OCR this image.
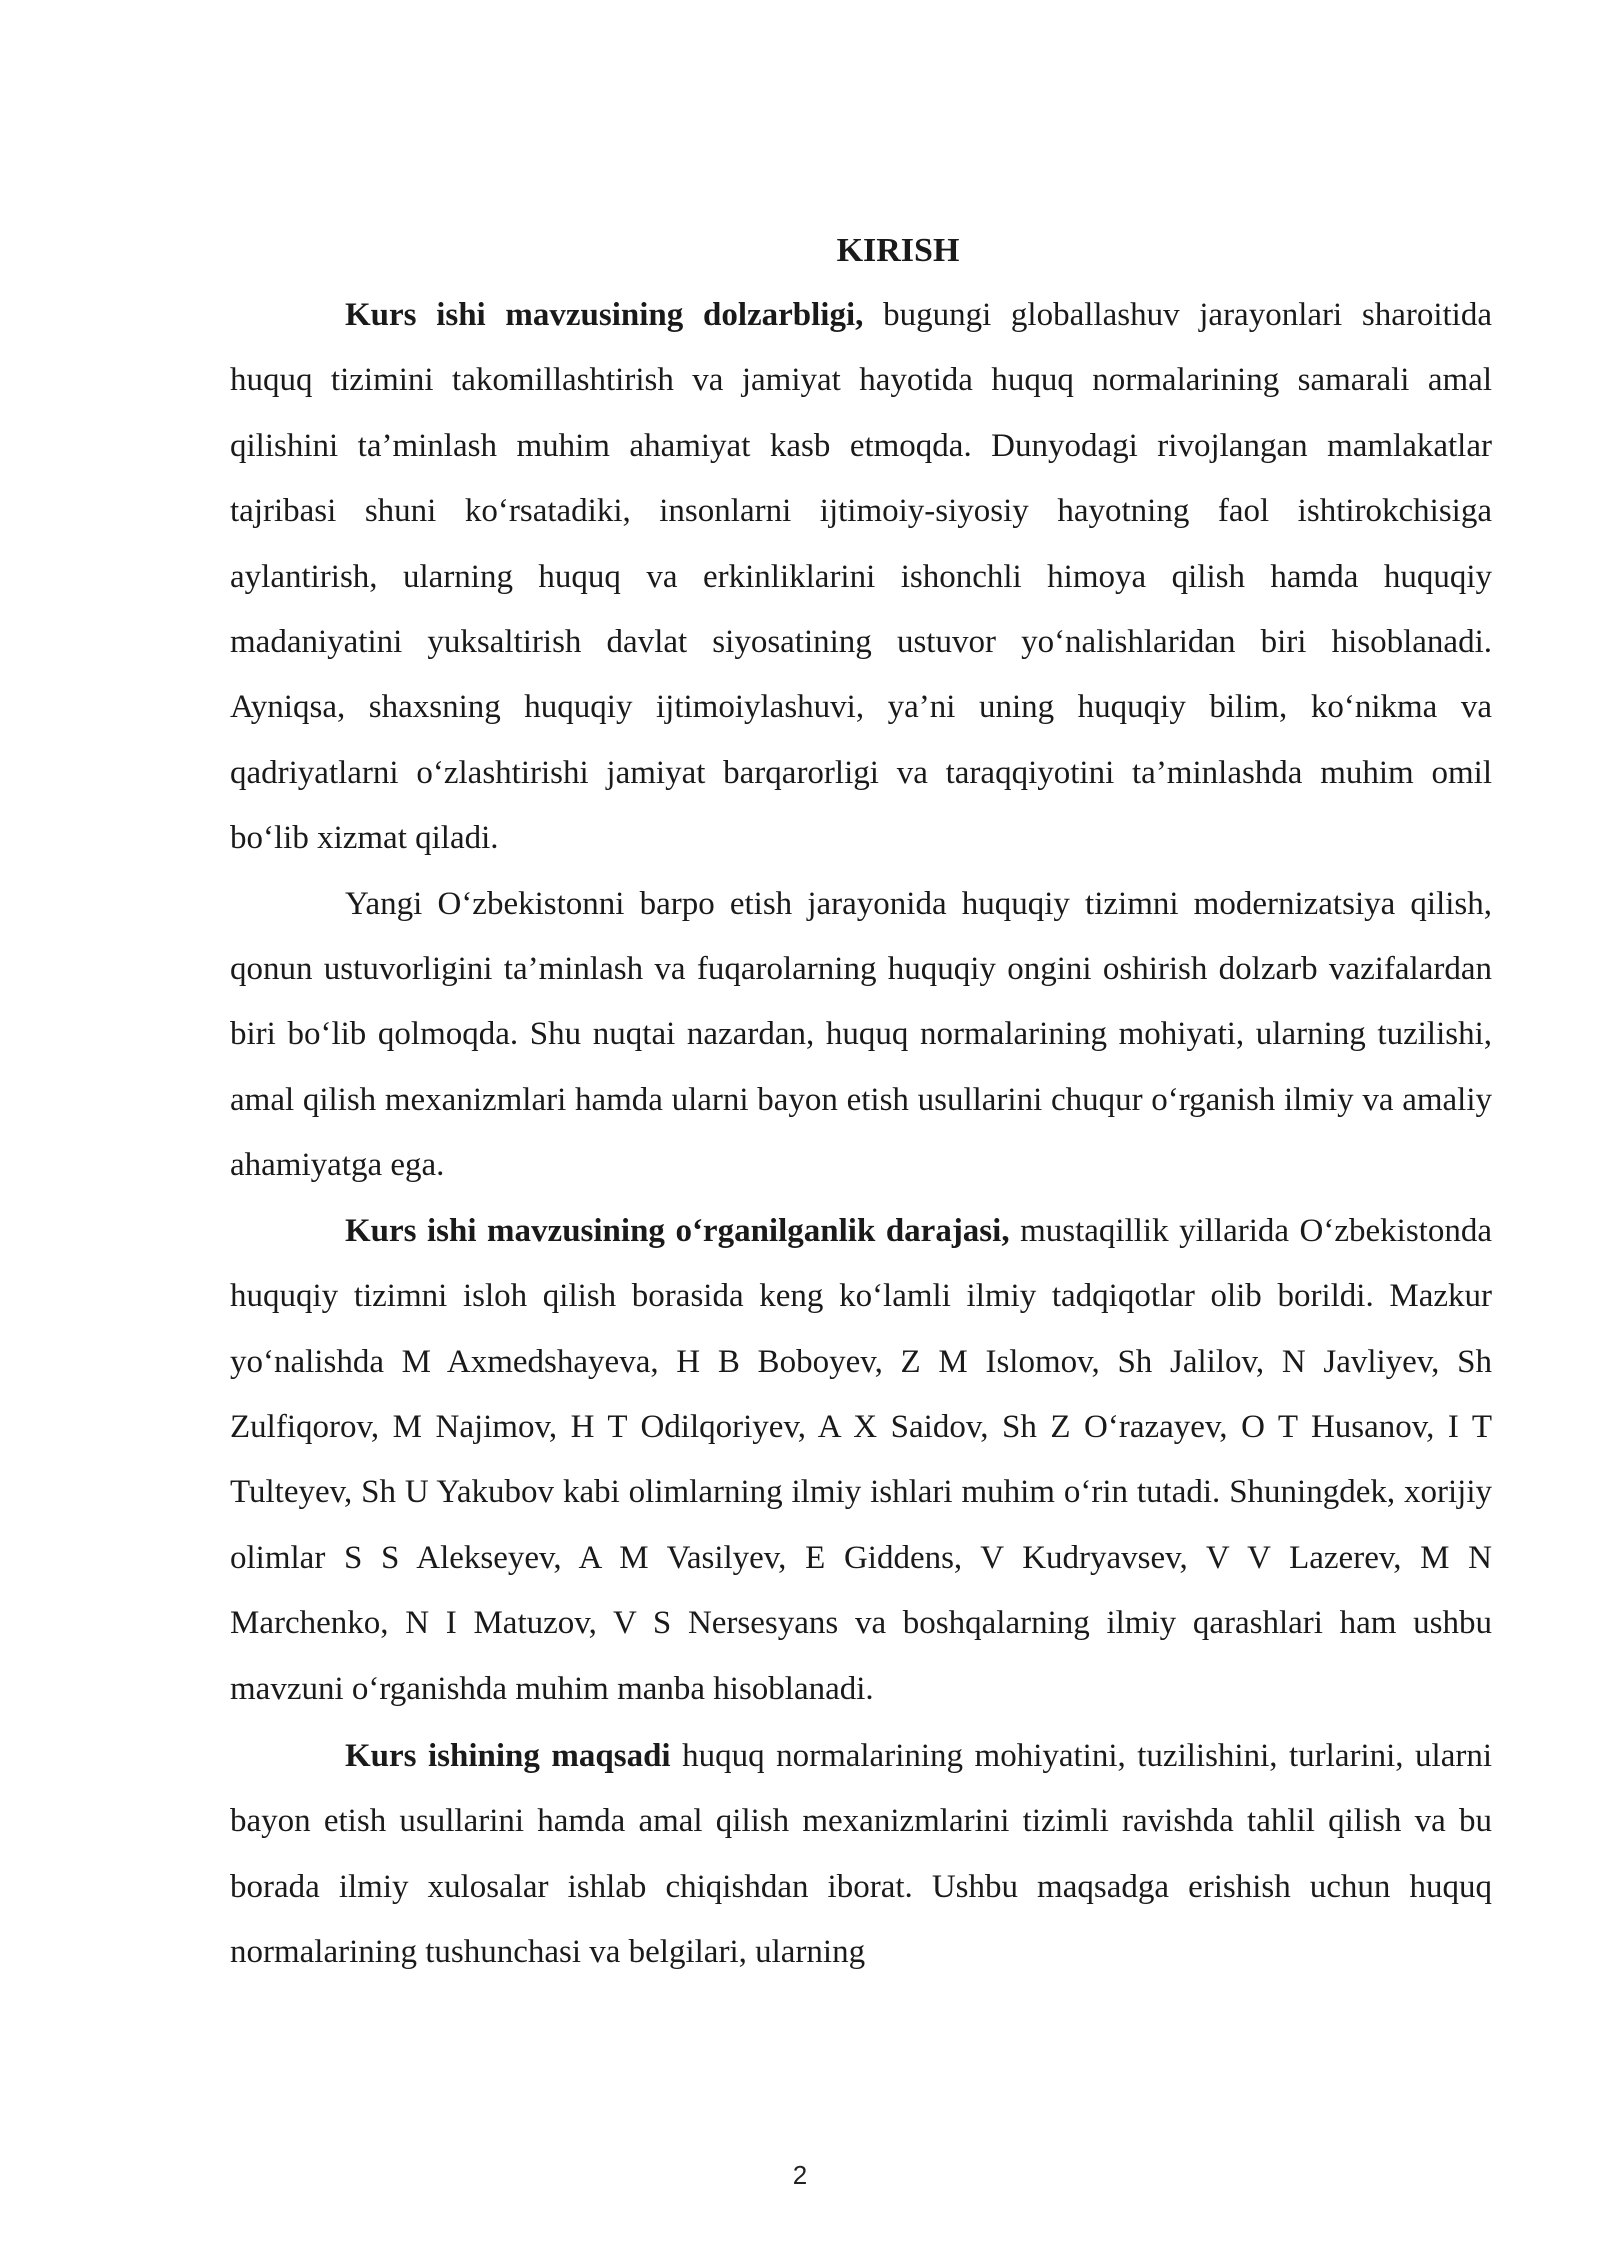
KIRISH

Kurs ishi mavzusining dolzarbligi, bugungi globallashuv jarayonlari sharoitida huquq tizimini takomillashtirish va jamiyat hayotida huquq normalarining samarali amal qilishini ta’minlash muhim ahamiyat kasb etmoqda. Dunyodagi rivojlangan mamlakatlar tajribasi shuni ko‘rsatadiki, insonlarni ijtimoiy-siyosiy hayotning faol ishtirokchisiga aylantirish, ularning huquq va erkinliklarini ishonchli himoya qilish hamda huquqiy madaniyatini yuksaltirish davlat siyosatining ustuvor yo‘nalishlaridan biri hisoblanadi. Ayniqsa, shaxsning huquqiy ijtimoiylashuvi, ya’ni uning huquqiy bilim, ko‘nikma va qadriyatlarni o‘zlashtirishi jamiyat barqarorligi va taraqqiyotini ta’minlashda muhim omil bo‘lib xizmat qiladi.

Yangi O‘zbekistonni barpo etish jarayonida huquqiy tizimni modernizatsiya qilish, qonun ustuvorligini ta’minlash va fuqarolarning huquqiy ongini oshirish dolzarb vazifalardan biri bo‘lib qolmoqda. Shu nuqtai nazardan, huquq normalarining mohiyati, ularning tuzilishi, amal qilish mexanizmlari hamda ularni bayon etish usullarini chuqur o‘rganish ilmiy va amaliy ahamiyatga ega.

Kurs ishi mavzusining o‘rganilganlik darajasi, mustaqillik yillarida O‘zbekistonda huquqiy tizimni isloh qilish borasida keng ko‘lamli ilmiy tadqiqotlar olib borildi. Mazkur yo‘nalishda M Axmedshayeva, H B Boboyev, Z M Islomov, Sh Jalilov, N Javliyev, Sh Zulfiqorov, M Najimov, H T Odilqoriyev, A X Saidov, Sh Z O‘razayev, O T Husanov, I T Tulteyev, Sh U Yakubov kabi olimlarning ilmiy ishlari muhim o‘rin tutadi. Shuningdek, xorijiy olimlar S S Alekseyev, A M Vasilyev, E Giddens, V Kudryavsev, V V Lazerev, M N Marchenko, N I Matuzov, V S Nersesyans va boshqalarning ilmiy qarashlari ham ushbu mavzuni o‘rganishda muhim manba hisoblanadi.

Kurs ishining maqsadi huquq normalarining mohiyatini, tuzilishini, turlarini, ularni bayon etish usullarini hamda amal qilish mexanizmlarini tizimli ravishda tahlil qilish va bu borada ilmiy xulosalar ishlab chiqishdan iborat. Ushbu maqsadga erishish uchun huquq normalarining tushunchasi va belgilari, ularning

2
